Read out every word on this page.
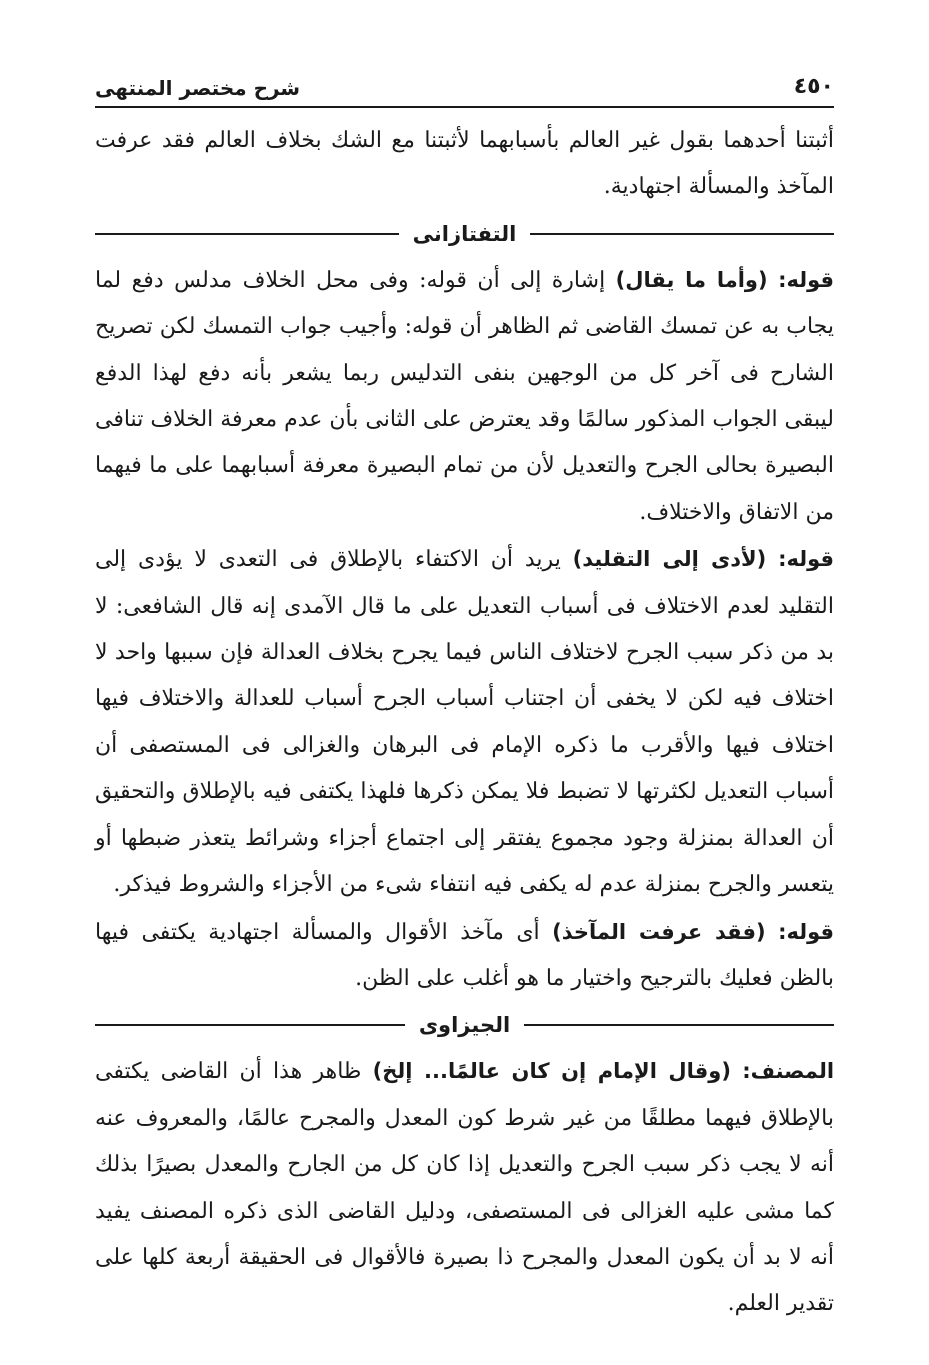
٤٥٠
شرح مختصر المنتهى

أثبتنا أحدهما بقول غير العالم بأسبابهما لأثبتنا مع الشك بخلاف العالم فقد عرفت المآخذ والمسألة اجتهادية.

التفتازانى

قوله: (وأما ما يقال) إشارة إلى أن قوله: وفى محل الخلاف مدلس دفع لما يجاب به عن تمسك القاضى ثم الظاهر أن قوله: وأجيب جواب التمسك لكن تصريح الشارح فى آخر كل من الوجهين بنفى التدليس ربما يشعر بأنه دفع لهذا الدفع ليبقى الجواب المذكور سالمًا وقد يعترض على الثانى بأن عدم معرفة الخلاف تنافى البصيرة بحالى الجرح والتعديل لأن من تمام البصيرة معرفة أسبابهما على ما فيهما من الاتفاق والاختلاف.

قوله: (لأدى إلى التقليد) يريد أن الاكتفاء بالإطلاق فى التعدى لا يؤدى إلى التقليد لعدم الاختلاف فى أسباب التعديل على ما قال الآمدى إنه قال الشافعى: لا بد من ذكر سبب الجرح لاختلاف الناس فيما يجرح بخلاف العدالة فإن سببها واحد لا اختلاف فيه لكن لا يخفى أن اجتناب أسباب الجرح أسباب للعدالة والاختلاف فيها اختلاف فيها والأقرب ما ذكره الإمام فى البرهان والغزالى فى المستصفى أن أسباب التعديل لكثرتها لا تضبط فلا يمكن ذكرها فلهذا يكتفى فيه بالإطلاق والتحقيق أن العدالة بمنزلة وجود مجموع يفتقر إلى اجتماع أجزاء وشرائط يتعذر ضبطها أو يتعسر والجرح بمنزلة عدم له يكفى فيه انتفاء شىء من الأجزاء والشروط فيذكر.

قوله: (فقد عرفت المآخذ) أى مآخذ الأقوال والمسألة اجتهادية يكتفى فيها بالظن فعليك بالترجيح واختيار ما هو أغلب على الظن.

الجيزاوى

المصنف: (وقال الإمام إن كان عالمًا... إلخ) ظاهر هذا أن القاضى يكتفى بالإطلاق فيهما مطلقًا من غير شرط كون المعدل والمجرح عالمًا، والمعروف عنه أنه لا يجب ذكر سبب الجرح والتعديل إذا كان كل من الجارح والمعدل بصيرًا بذلك كما مشى عليه الغزالى فى المستصفى، ودليل القاضى الذى ذكره المصنف يفيد أنه لا بد أن يكون المعدل والمجرح ذا بصيرة فالأقوال فى الحقيقة أربعة كلها على تقدير العلم.
